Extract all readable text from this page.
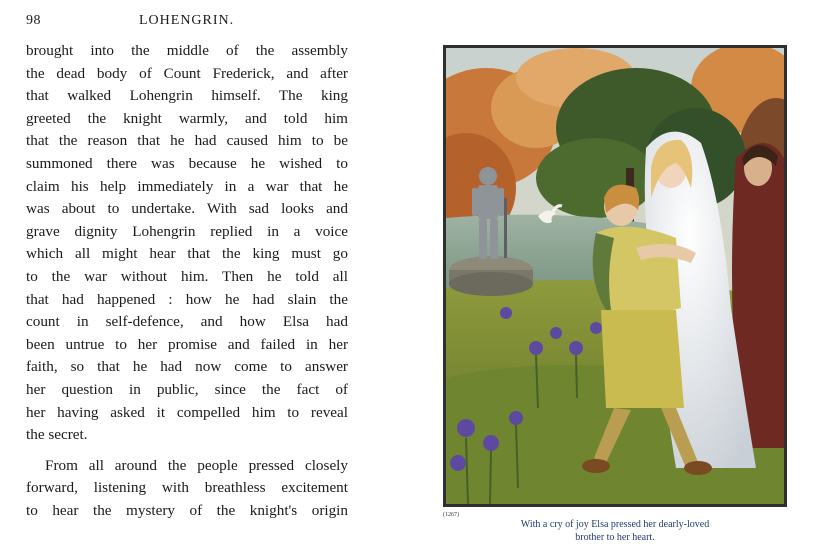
98	LOHENGRIN.
brought into the middle of the assembly
the dead body of Count Frederick, and after
that walked Lohengrin himself. The king
greeted the knight warmly, and told him
that the reason that he had caused him to be
summoned there was because he wished to
claim his help immediately in a war that he
was about to undertake. With sad looks and
grave dignity Lohengrin replied in a voice
which all might hear that the king must go
to the war without him. Then he told all
that had happened : how he had slain the
count in self-defence, and how Elsa had
been untrue to her promise and failed in her
faith, so that he had now come to answer
her question in public, since the fact of
her having asked it compelled him to reveal
the secret.
From all around the people pressed closely
forward, listening with breathless excitement
to hear the mystery of the knight's origin	(1267)
With a cry of joy Elsa pressed her dearly-loved
brother to her heart.
